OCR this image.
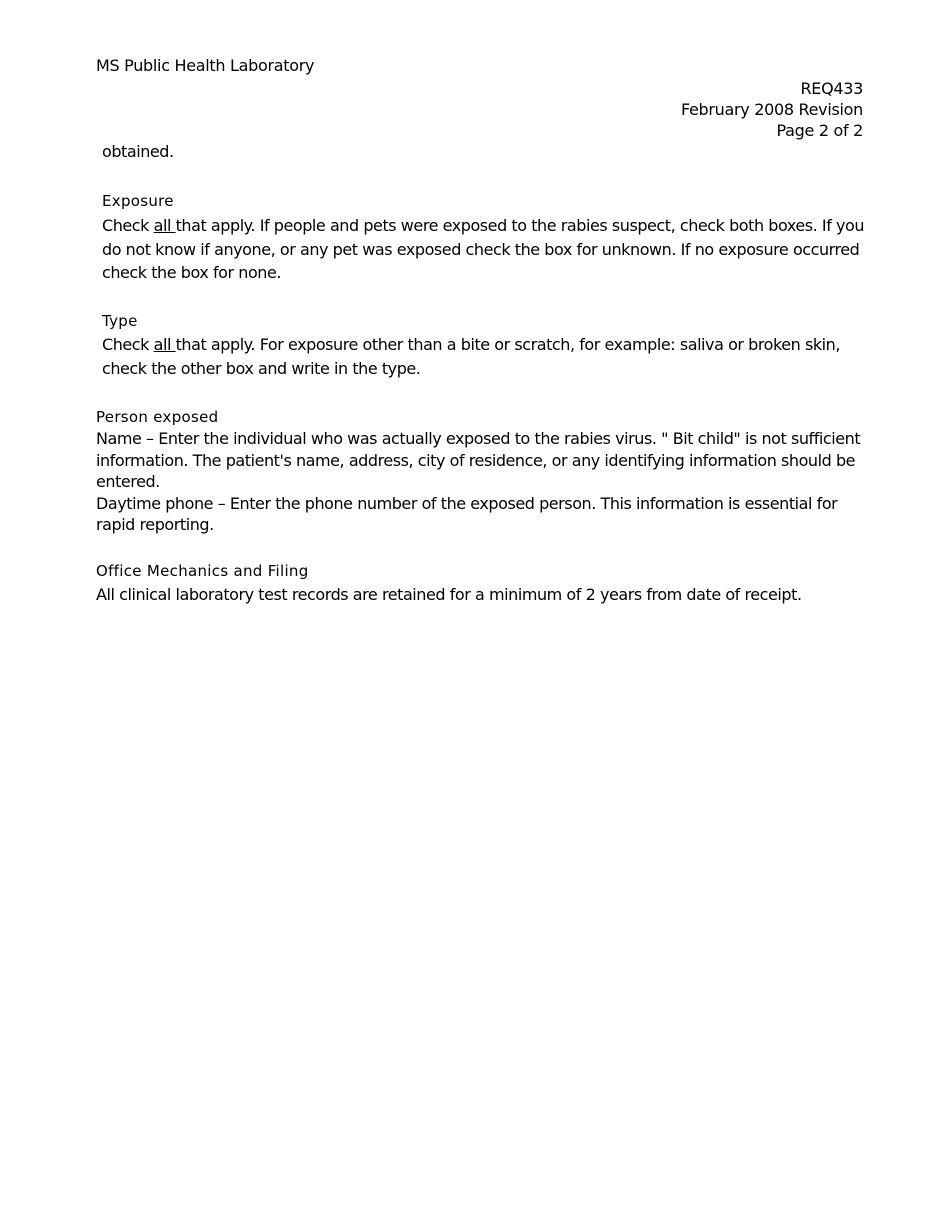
MS Public Health Laboratory
REQ433
February 2008 Revision
Page 2 of 2
obtained.
Exposure
Check all that apply. If people and pets were exposed to the rabies suspect, check both boxes. If you do not know if anyone, or any pet was exposed check the box for unknown. If no exposure occurred check the box for none.
Type
Check all that apply. For exposure other than a bite or scratch, for example: saliva or broken skin, check the other box and write in the type.
Person exposed
Name – Enter the individual who was actually exposed to the rabies virus. " Bit child" is not sufficient information. The patient's name, address, city of residence, or any identifying information should be entered.
Daytime phone – Enter the phone number of the exposed person. This information is essential for rapid reporting.
Office Mechanics and Filing
All clinical laboratory test records are retained for a minimum of 2 years from date of receipt.
